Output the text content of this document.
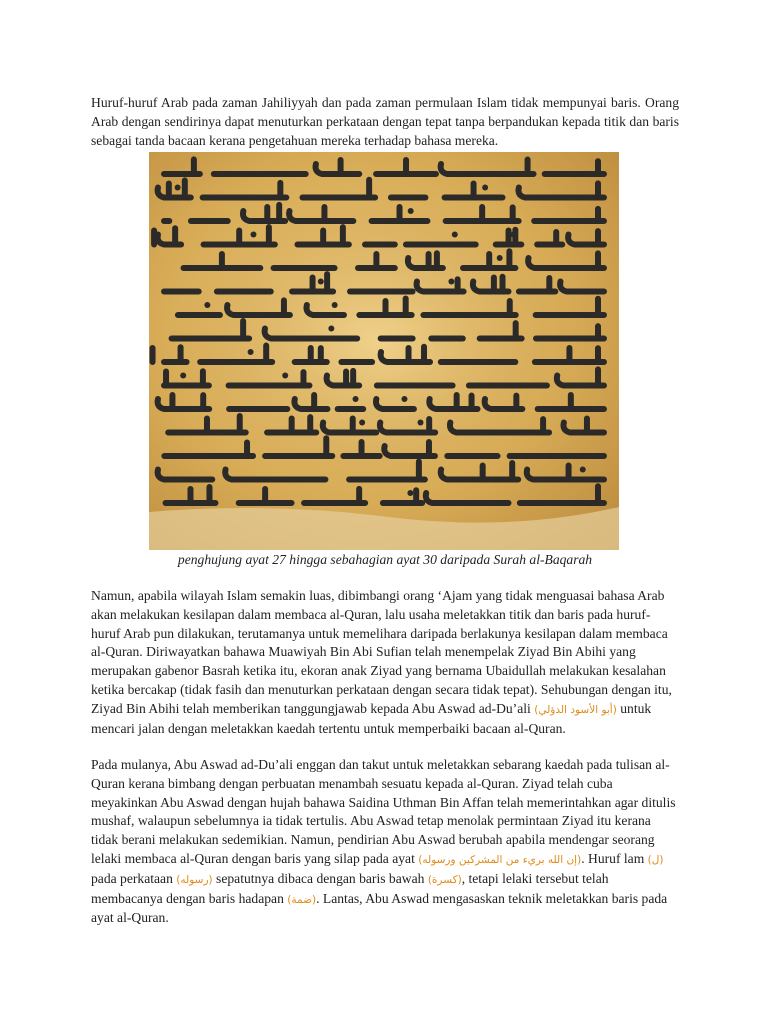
Huruf-huruf Arab pada zaman Jahiliyyah dan pada zaman permulaan Islam tidak mempunyai baris. Orang Arab dengan sendirinya dapat menuturkan perkataan dengan tepat tanpa berpandukan kepada titik dan baris sebagai tanda bacaan kerana pengetahuan mereka terhadap bahasa mereka.

penghujung ayat 27 hingga sebahagian ayat 30 daripada Surah al-Baqarah

Namun, apabila wilayah Islam semakin luas, dibimbangi orang ‘Ajam yang tidak menguasai bahasa Arab akan melakukan kesilapan dalam membaca al-Quran, lalu usaha meletakkan titik dan baris pada huruf-huruf Arab pun dilakukan, terutamanya untuk memelihara daripada berlakunya kesilapan dalam membaca al-Quran. Diriwayatkan bahawa Muawiyah Bin Abi Sufian telah menempelak Ziyad Bin Abihi yang merupakan gabenor Basrah ketika itu, ekoran anak Ziyad yang bernama Ubaidullah melakukan kesalahan ketika bercakap (tidak fasih dan menuturkan perkataan dengan secara tidak tepat). Sehubungan dengan itu, Ziyad Bin Abihi telah memberikan tanggungjawab kepada Abu Aswad ad-Du’ali (أبو الأسود الدؤلي) untuk mencari jalan dengan meletakkan kaedah tertentu untuk memperbaiki bacaan al-Quran.

Pada mulanya, Abu Aswad ad-Du’ali enggan dan takut untuk meletakkan sebarang kaedah pada tulisan al-Quran kerana bimbang dengan perbuatan menambah sesuatu kepada al-Quran. Ziyad telah cuba meyakinkan Abu Aswad dengan hujah bahawa Saidina Uthman Bin Affan telah memerintahkan agar ditulis mushaf, walaupun sebelumnya ia tidak tertulis. Abu Aswad tetap menolak permintaan Ziyad itu kerana tidak berani melakukan sedemikian. Namun, pendirian Abu Aswad berubah apabila mendengar seorang lelaki membaca al-Quran dengan baris yang silap pada ayat (إن الله بريء من المشركين ورسوله). Huruf lam (ل) pada perkataan (رسوله) sepatutnya dibaca dengan baris bawah (كسرة), tetapi lelaki tersebut telah membacanya dengan baris hadapan (ضمة). Lantas, Abu Aswad mengasaskan teknik meletakkan baris pada ayat al-Quran.
